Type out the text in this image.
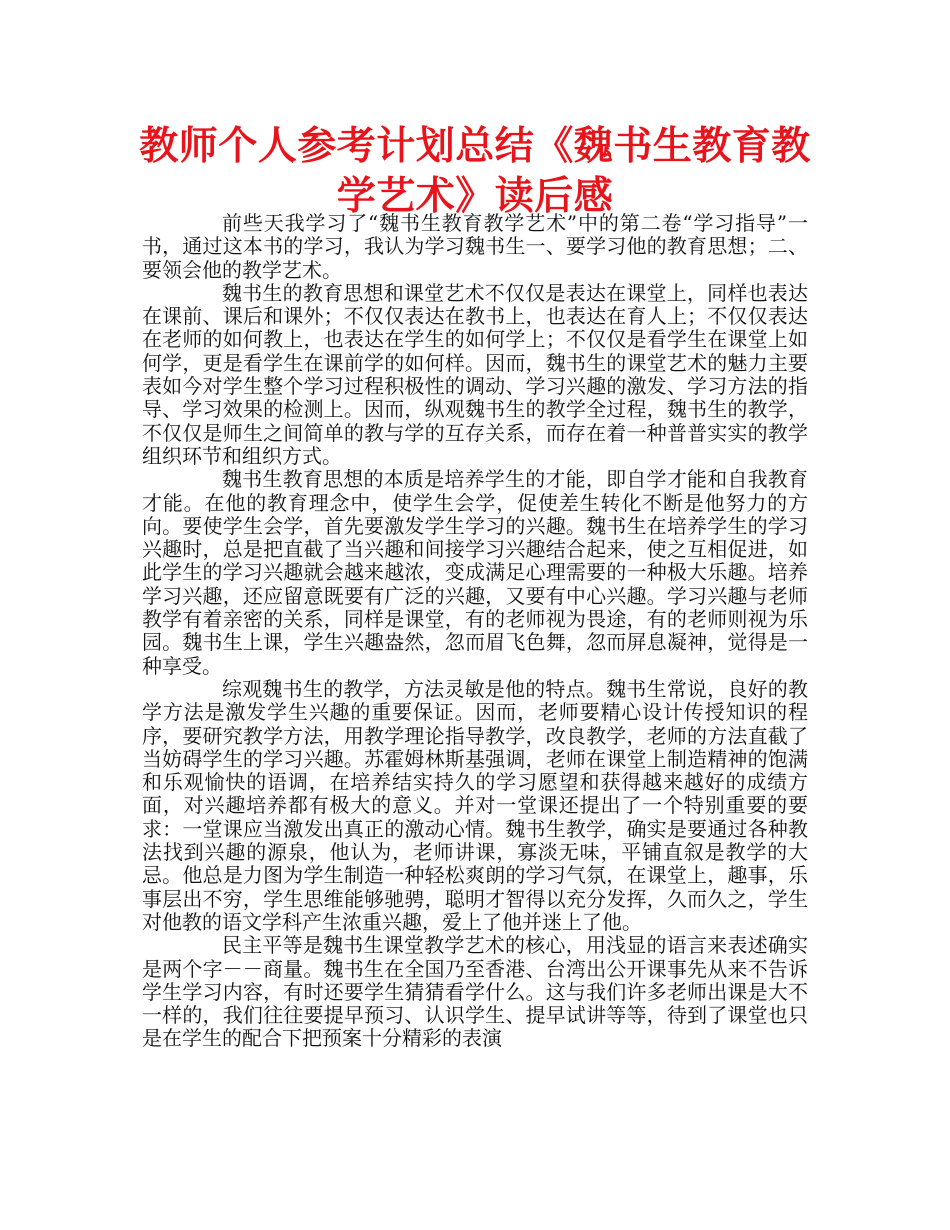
教师个人参考计划总结《魏书生教育教学艺术》读后感

前些天我学习了“魏书生教育教学艺术”中的第二卷“学习指导”一书，通过这本书的学习，我认为学习魏书生一、要学习他的教育思想；二、要领会他的教学艺术。

魏书生的教育思想和课堂艺术不仅仅是表达在课堂上，同样也表达在课前、课后和课外；不仅仅表达在教书上，也表达在育人上；不仅仅表达在老师的如何教上，也表达在学生的如何学上；不仅仅是看学生在课堂上如何学，更是看学生在课前学的如何样。因而，魏书生的课堂艺术的魅力主要表如今对学生整个学习过程积极性的调动、学习兴趣的激发、学习方法的指导、学习效果的检测上。因而，纵观魏书生的教学全过程，魏书生的教学，不仅仅是师生之间简单的教与学的互存关系，而存在着一种普普实实的教学组织环节和组织方式。

魏书生教育思想的本质是培养学生的才能，即自学才能和自我教育才能。在他的教育理念中，使学生会学，促使差生转化不断是他努力的方向。要使学生会学，首先要激发学生学习的兴趣。魏书生在培养学生的学习兴趣时，总是把直截了当兴趣和间接学习兴趣结合起来，使之互相促进，如此学生的学习兴趣就会越来越浓，变成满足心理需要的一种极大乐趣。培养学习兴趣，还应留意既要有广泛的兴趣，又要有中心兴趣。学习兴趣与老师教学有着亲密的关系，同样是课堂，有的老师视为畏途，有的老师则视为乐园。魏书生上课，学生兴趣盎然，忽而眉飞色舞，忽而屏息凝神，觉得是一种享受。

综观魏书生的教学，方法灵敏是他的特点。魏书生常说，良好的教学方法是激发学生兴趣的重要保证。因而，老师要精心设计传授知识的程序，要研究教学方法，用教学理论指导教学，改良教学，老师的方法直截了当妨碍学生的学习兴趣。苏霍姆林斯基强调，老师在课堂上制造精神的饱满和乐观愉快的语调，在培养结实持久的学习愿望和获得越来越好的成绩方面，对兴趣培养都有极大的意义。并对一堂课还提出了一个特别重要的要求：一堂课应当激发出真正的激动心情。魏书生教学，确实是要通过各种教法找到兴趣的源泉，他认为，老师讲课，寡淡无味，平铺直叙是教学的大忌。他总是力图为学生制造一种轻松爽朗的学习气氛，在课堂上，趣事，乐事层出不穷，学生思维能够驰骋，聪明才智得以充分发挥，久而久之，学生对他教的语文学科产生浓重兴趣，爱上了他并迷上了他。

民主平等是魏书生课堂教学艺术的核心，用浅显的语言来表述确实是两个字－－商量。魏书生在全国乃至香港、台湾出公开课事先从来不告诉学生学习内容，有时还要学生猜猜看学什么。这与我们许多老师出课是大不一样的，我们往往要提早预习、认识学生、提早试讲等等，待到了课堂也只是在学生的配合下把预案十分精彩的表演
